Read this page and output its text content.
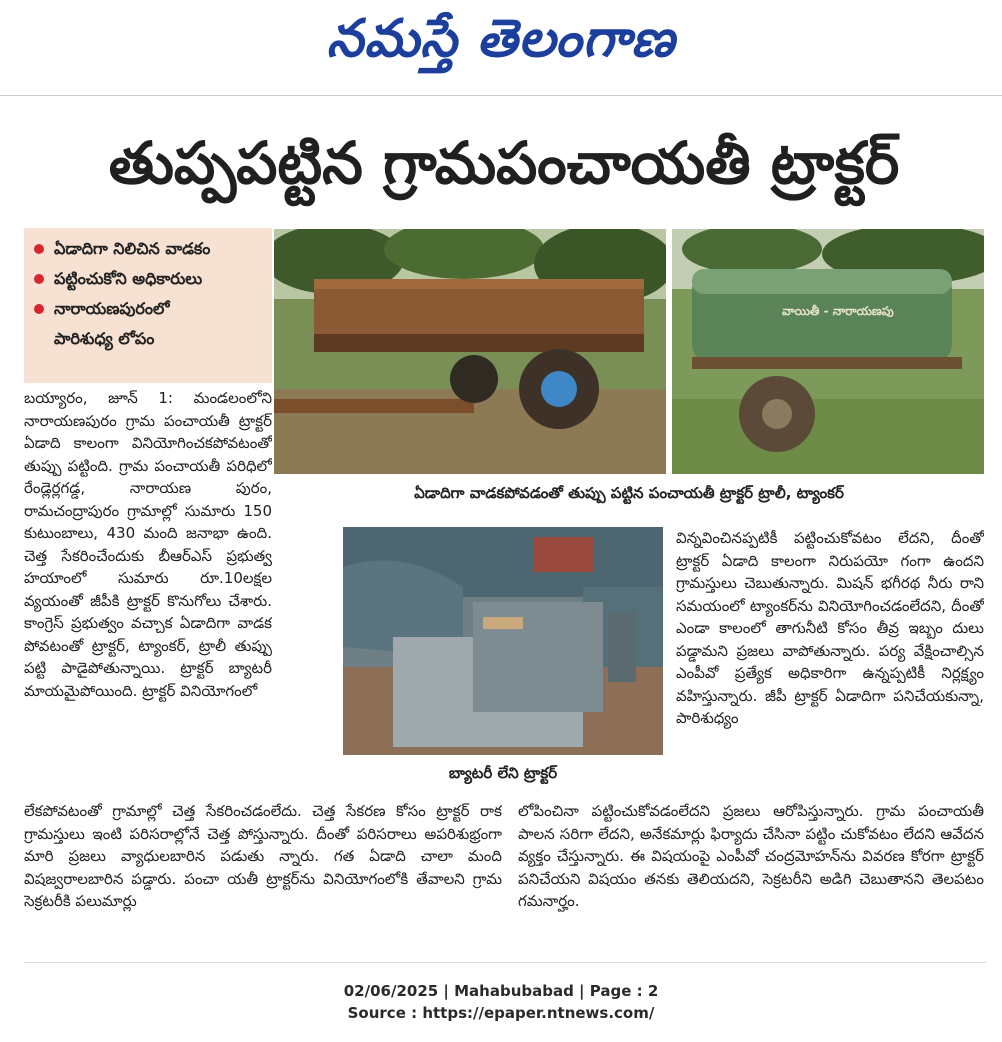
నమస్తే తెలంగాణ
తుప్పపట్టిన గ్రామపంచాయతీ ట్రాక్టర్
ఏడాదిగా నిలిచిన వాడకం
పట్టించుకోని అధికారులు
నారాయణపురంలో
పారిశుధ్య లోపం
వాయితీ - నారాయణపు
ఏడాదిగా వాడకపోవడంతో తుప్పు పట్టిన పంచాయతీ ట్రాక్టర్ ట్రాలీ, ట్యాంకర్
బ్యాటరీ లేని ట్రాక్టర్
బయ్యారం, జూన్ 1: మండలంలోని నారాయణపురం గ్రామ పంచాయతీ ట్రాక్టర్ ఏడాది కాలంగా వినియోగించకపోవటంతో తుప్పు పట్టింది. గ్రామ పంచాయతీ పరిధిలో రేండ్లెర్లగడ్డ, నారాయణ పురం, రామచంద్రాపురం గ్రామాల్లో సుమారు 150 కుటుంబాలు, 430 మంది జనాభా ఉంది. చెత్త సేకరించేందుకు బీఆర్ఎస్ ప్రభుత్వ హయాంలో సుమారు రూ.10లక్షల వ్యయంతో జీపీకి ట్రాక్టర్ కొనుగోలు చేశారు. కాంగ్రెస్ ప్రభుత్వం వచ్చాక ఏడాదిగా వాడక పోవటంతో ట్రాక్టర్, ట్యాంకర్, ట్రాలీ తుప్పు పట్టి పాడైపోతున్నాయి. ట్రాక్టర్ బ్యాటరీ మాయమైపోయింది. ట్రాక్టర్ వినియోగంలో
లేకపోవటంతో గ్రామాల్లో చెత్త సేకరించడంలేదు. చెత్త సేకరణ కోసం ట్రాక్టర్ రాక గ్రామస్తులు ఇంటి పరిసరాల్లోనే చెత్త పోస్తున్నారు. దీంతో పరిసరాలు అపరిశుభ్రంగా మారి ప్రజలు వ్యాధులబారిన పడుతు న్నారు. గత ఏడాది చాలా మంది విషజ్వరాలబారిన పడ్డారు. పంచా యతీ ట్రాక్టర్‌ను వినియోగంలోకి తేవాలని గ్రామ సెక్రటరీకి పలుమార్లు
విన్నవించినప్పటికీ పట్టించుకోవటం లేదని, దీంతో ట్రాక్టర్ ఏడాది కాలంగా నిరుపయో గంగా ఉందని గ్రామస్తులు చెబుతున్నారు. మిషన్ భగీరథ నీరు రాని సమయంలో ట్యాంకర్‌ను వినియోగించడంలేదని, దీంతో ఎండా కాలంలో తాగునీటి కోసం తీవ్ర ఇబ్బం దులు పడ్డామని ప్రజలు వాపోతున్నారు. పర్య వేక్షించాల్సిన ఎంపీవో ప్రత్యేక అధికారిగా ఉన్నప్పటికీ నిర్లక్ష్యం వహిస్తున్నారు. జీపీ ట్రాక్టర్ ఏడాదిగా పనిచేయకున్నా, పారిశుధ్యం
లోపించినా పట్టించుకోవడంలేదని ప్రజలు ఆరోపిస్తున్నారు. గ్రామ పంచాయతీ పాలన సరిగా లేదని, అనేకమార్లు ఫిర్యాదు చేసినా పట్టిం చుకోవటం లేదని ఆవేదన వ్యక్తం చేస్తున్నారు. ఈ విషయంపై ఎంపీవో చంద్రమోహన్‌ను వివరణ కోరగా ట్రాక్టర్ పనిచేయని విషయం తనకు తెలియదని, సెక్రటరీని అడిగి చెబుతానని తెలపటం గమనార్హం.
02/06/2025 | Mahabubabad | Page : 2
Source : https://epaper.ntnews.com/
